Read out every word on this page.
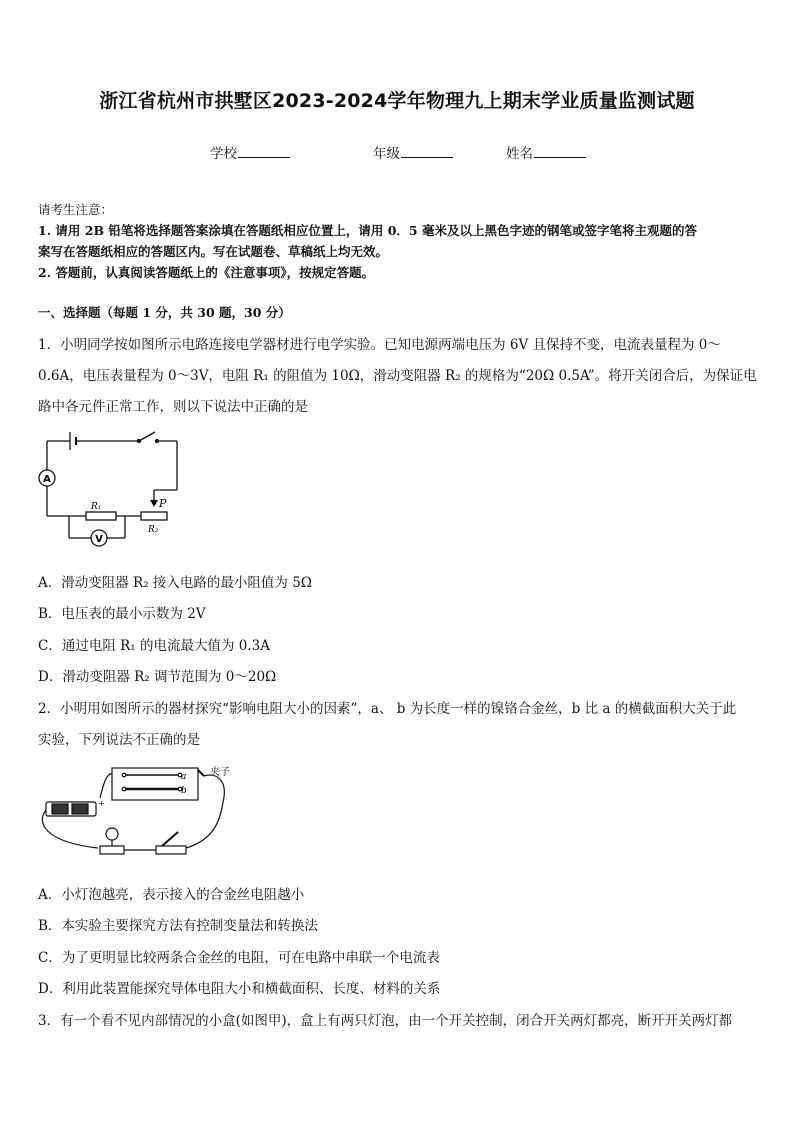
浙江省杭州市拱墅区2023-2024学年物理九上期末学业质量监测试题
学校	年级	姓名
请考生注意：
1. 请用 2B 铅笔将选择题答案涂填在答题纸相应位置上，请用 0．5 毫米及以上黑色字迹的钢笔或签字笔将主观题的答
案写在答题纸相应的答题区内。写在试题卷、草稿纸上均无效。
2. 答题前，认真阅读答题纸上的《注意事项》，按规定答题。
一、选择题（每题 1 分，共 30 题，30 分）
1．小明同学按如图所示电路连接电学器材进行电学实验。已知电源两端电压为 6V 且保持不变，电流表量程为 0～
0.6A，电压表量程为 0～3V，电阻 R₁ 的阻值为 10Ω，滑动变阻器 R₂ 的规格为“20Ω 0.5A”。将开关闭合后，为保证电
路中各元件正常工作，则以下说法中正确的是
A
V
R₁
R₂
P
A．滑动变阻器 R₂ 接入电路的最小阻值为 5Ω
B．电压表的最小示数为 2V
C．通过电阻 R₁ 的电流最大值为 0.3A
D．滑动变阻器 R₂ 调节范围为 0～20Ω
2．小明用如图所示的器材探究“影响电阻大小的因素”，a、 b 为长度一样的镍铬合金丝，b 比 a 的横截面积大关于此
实验，下列说法不正确的是
+
a
b
夹子
A．小灯泡越亮，表示接入的合金丝电阻越小
B．本实验主要探究方法有控制变量法和转换法
C．为了更明显比较两条合金丝的电阻，可在电路中串联一个电流表
D．利用此装置能探究导体电阻大小和横截面积、长度、材料的关系
3．有一个看不见内部情况的小盒(如图甲)，盒上有两只灯泡，由一个开关控制，闭合开关两灯都亮，断开开关两灯都
